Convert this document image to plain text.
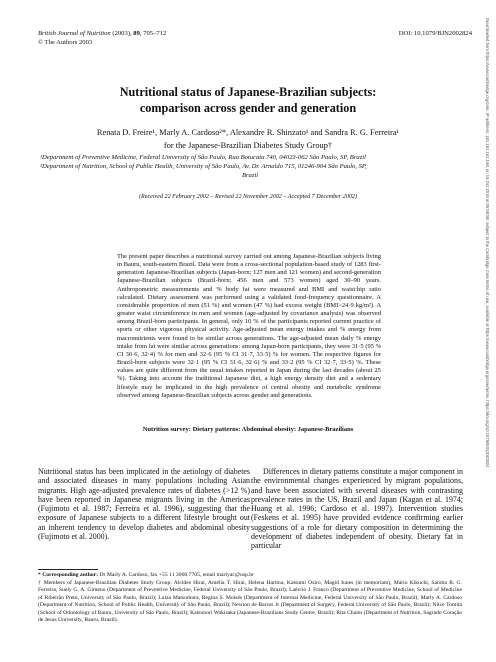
British Journal of Nutrition (2003), 89, 705–712
© The Authors 2003
DOI: 10.1079/BJN2002824	Downloaded from https://www.cambridge.org/core. IP address: 181.191.162.168, on 19 Oct 2019 at 05:58:58, subject to the Cambridge Core terms of use, available at https://www.cambridge.org/core/terms. https://doi.org/10.1079/BJN2002824
Nutritional status of Japanese-Brazilian subjects:
comparison across gender and generation
Renata D. Freire¹, Marly A. Cardoso²*, Alexandre R. Shinzato¹ and Sandra R. G. Ferreira¹
for the Japanese-Brazilian Diabetes Study Group†

¹Department of Preventive Medicine, Federal University of São Paulo, Rua Botucatu 740, 04023-062 São Paulo, SP, Brazil

²Department of Nutrition, School of Public Health, University of São Paulo, Av. Dr. Arnaldo 715, 01246-904 São Paulo, SP,

Brazil

(Received 22 February 2002 – Revised 22 November 2002 – Accepted 7 December 2002)

The present paper describes a nutritional survey carried out among Japanese-Brazilian subjects living in Bauru, south-eastern Brazil. Data were from a cross-sectional population-based study of 1283 first-generation Japanese-Brazilian subjects (Japan-born; 127 men and 121 women) and second-generation Japanese-Brazilian subjects (Brazil-born; 456 men and 573 women) aged 30–90 years. Anthropometric measurements and % body fat were measured and BMI and waist:hip ratio calculated. Dietary assessment was performed using a validated food-frequency questionnaire. A considerable proportion of men (51 %) and women (47 %) had excess weight (BMI>24·9 kg/m²). A greater waist circumference in men and women (age-adjusted by covariance analysis) was observed among Brazil-born participants. In general, only 10 % of the participants reported current practice of sports or other vigorous physical activity. Age-adjusted mean energy intakes and % energy from macronutrients were found to be similar across generations. The age-adjusted mean daily % energy intake from fat were similar across generations: among Japan-born participants, they were 31·5 (95 % CI 30·6, 32·4) % for men and 32·6 (95 % CI 31·7, 33·5) % for women. The respective figures for Brazil-born subjects were 32·1 (95 % CI 31·6, 32·6) % and 33·2 (95 % CI 32·7, 33·5) %. These values are quite different from the usual intakes reported in Japan during the last decades (about 25 %). Taking into account the traditional Japanese diet, a high energy density diet and a sedentary lifestyle may be implicated in the high prevalence of central obesity and metabolic syndrome observed among Japanese-Brazilian subjects across gender and generations.

Nutrition survey: Dietary patterns: Abdominal obesity: Japanese-Brazilians

Nutritional status has been implicated in the aetiology of diabetes and associated diseases in many populations including Asian migrants. High age-adjusted prevalence rates of diabetes (>12 %) have been reported in Japanese migrants living in the Americas (Fujimoto et al. 1987; Ferreira et al. 1996), suggesting that the exposure of Japanese subjects to a different lifestyle brought out an inherent tendency to develop diabetes and abdominal obesity (Fujimoto et al. 2000).

Differences in dietary patterns constitute a major component in the environmental changes experienced by migrant populations, and have been associated with several diseases with contrasting prevalence rates in the US, Brazil and Japan (Kagan et al. 1974; Huang et al. 1996; Cardoso et al. 1997). Intervention studies (Feskens et al. 1995) have provided evidence confirming earlier suggestions of a role for dietary composition in determining the development of diabetes independent of obesity. Dietary fat in particular

* Corresponding author: Dr Marly A. Cardoso, fax +55 11 3066 7705, email marlyac@usp.br

† Members of Japanese-Brazilian Diabetes Study Group: Alcides Hirai, Amélia T. Hirai, Helena Harima, Katsumi Osiro, Magid Iunes (in memoriam), Mário Kikuchi, Sandra R. G. Ferreira, Suely G. A. Gimeno (Department of Preventive Medicine, Federal University of São Paulo, Brazil); Laércio J. Franco (Department of Preventive Medicine, School of Medicine of Ribeirão Preto, University of São Paulo, Brazil); Luiza Matsumura, Regina S. Moisés (Department of Internal Medicine, Federal University of São Paulo, Brazil); Marly A. Cardoso (Department of Nutrition, School of Public Health, University of São Paulo, Brazil); Newton de Barros Jr (Department of Surgery, Federal University of São Paulo, Brazil); Nilce Tomita (School of Odontology of Bauru, University of São Paulo, Brazil); Katsunori Wakisaka (Japanese-Brazilians Study Centre, Brazil); Rita Chaim (Department of Nutrition, Sagrado Coração de Jesus University, Bauru, Brazil).
